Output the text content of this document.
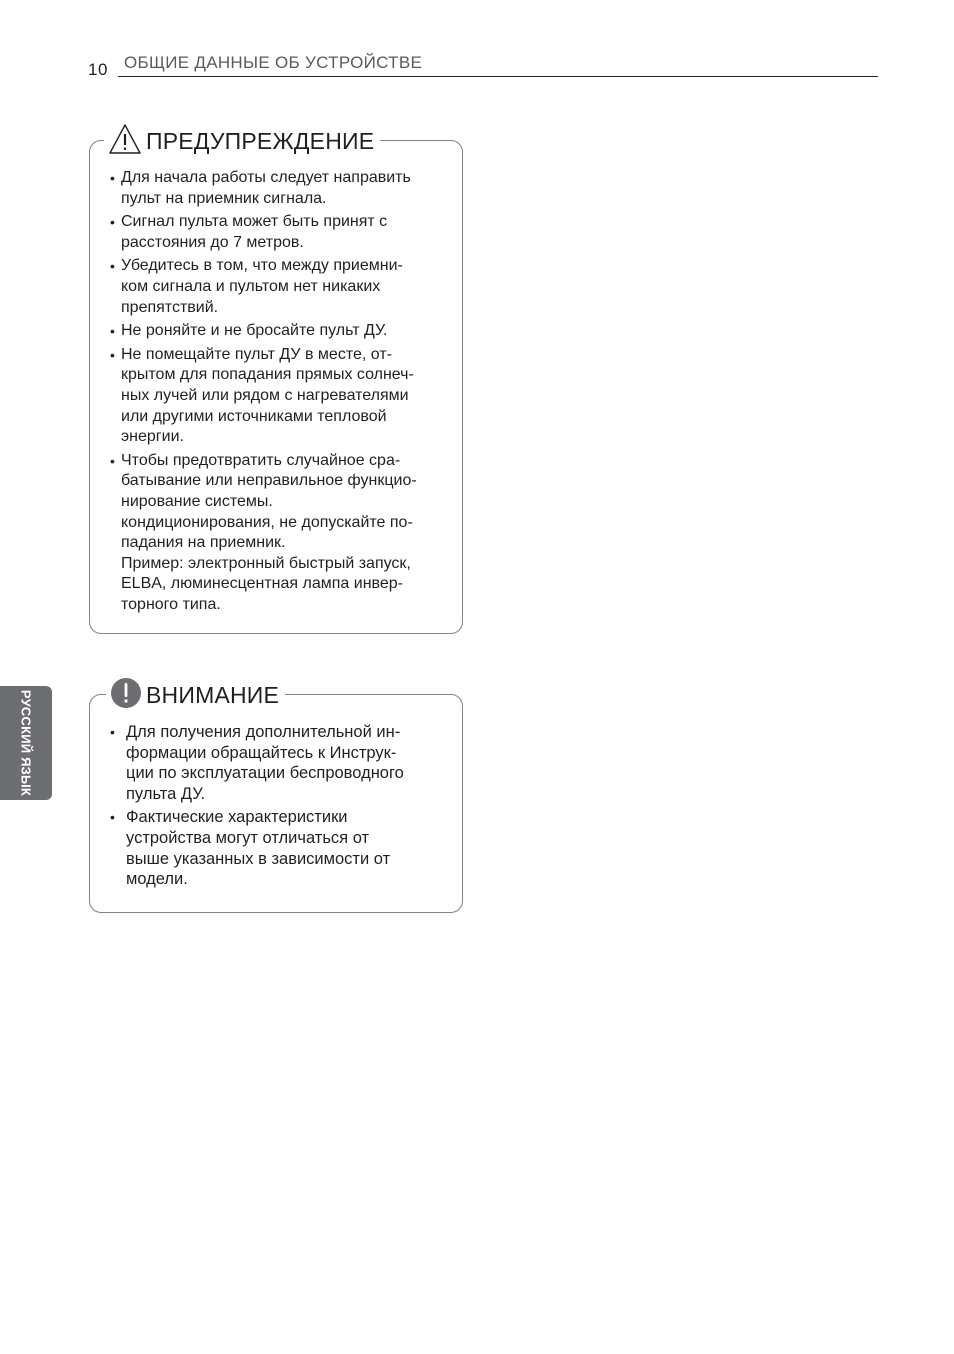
10 ОБЩИЕ ДАННЫЕ ОБ УСТРОЙСТВЕ
РУССКИЙ ЯЗЫК
ПРЕДУПРЕЖДЕНИЕ
• Для начала работы следует направить
пульт на приемник сигнала.
• Сигнал пульта может быть принят с
расстояния до 7 метров.
• Убедитесь в том, что между приемни-
ком сигнала и пультом нет никаких
препятствий.
• Не роняйте и не бросайте пульт ДУ.
• Не помещайте пульт ДУ в месте, от-
крытом для попадания прямых солнеч-
ных лучей или рядом с нагревателями
или другими источниками тепловой
энергии.
• Чтобы предотвратить случайное сра-
батывание или неправильное функцио-
нирование системы.
кондиционирования, не допускайте по-
падания на приемник.
Пример: электронный быстрый запуск,
ELBA, люминесцентная лампа инвер-
торного типа.
ВНИМАНИЕ
• Для получения дополнительной ин-
формации обращайтесь к Инструк-
ции по эксплуатации беспроводного
пульта ДУ.
• Фактические характеристики
устройства могут отличаться от
выше указанных в зависимости от
модели.
